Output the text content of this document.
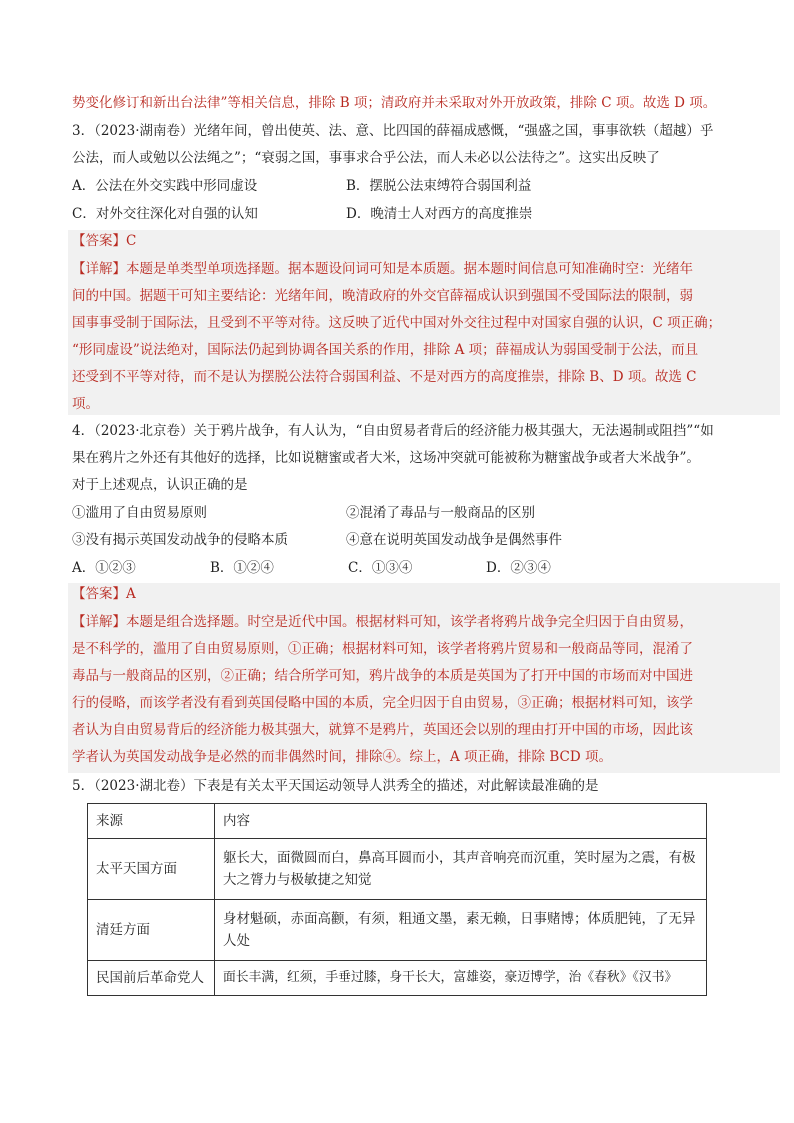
势变化修订和新出台法律”等相关信息，排除 B 项；清政府并未采取对外开放政策，排除 C 项。故选 D 项。
3．（2023·湖南卷）光绪年间，曾出使英、法、意、比四国的薛福成感慨，“强盛之国，事事欲轶（超越）乎
公法，而人或勉以公法绳之”；“衰弱之国，事事求合乎公法，而人未必以公法待之”。这实出反映了
A．公法在外交实践中形同虚设	B．摆脱公法束缚符合弱国利益
C．对外交往深化对自强的认知	D．晚清士人对西方的高度推崇
【答案】C
【详解】本题是单类型单项选择题。据本题设问词可知是本质题。据本题时间信息可知准确时空：光绪年
间的中国。据题干可知主要结论：光绪年间，晚清政府的外交官薛福成认识到强国不受国际法的限制，弱
国事事受制于国际法，且受到不平等对待。这反映了近代中国对外交往过程中对国家自强的认识，C 项正确；
“形同虚设”说法绝对，国际法仍起到协调各国关系的作用，排除 A 项；薛福成认为弱国受制于公法，而且
还受到不平等对待，而不是认为摆脱公法符合弱国利益、不是对西方的高度推崇，排除 B、D 项。故选 C
项。
4．（2023·北京卷）关于鸦片战争，有人认为，“自由贸易者背后的经济能力极其强大，无法遏制或阻挡”“如
果在鸦片之外还有其他好的选择，比如说糖蜜或者大米，这场冲突就可能被称为糖蜜战争或者大米战争”。
对于上述观点，认识正确的是
①滥用了自由贸易原则	②混淆了毒品与一般商品的区别
③没有揭示英国发动战争的侵略本质	④意在说明英国发动战争是偶然事件
A．①②③	B．①②④	C．①③④	D．②③④
【答案】A
【详解】本题是组合选择题。时空是近代中国。根据材料可知，该学者将鸦片战争完全归因于自由贸易，
是不科学的，滥用了自由贸易原则，①正确；根据材料可知，该学者将鸦片贸易和一般商品等同，混淆了
毒品与一般商品的区别，②正确；结合所学可知，鸦片战争的本质是英国为了打开中国的市场而对中国进
行的侵略，而该学者没有看到英国侵略中国的本质，完全归因于自由贸易，③正确；根据材料可知，该学
者认为自由贸易背后的经济能力极其强大，就算不是鸦片，英国还会以别的理由打开中国的市场，因此该
学者认为英国发动战争是必然的而非偶然时间，排除④。综上，A 项正确，排除 BCD 项。
5．（2023·湖北卷）下表是有关太平天国运动领导人洪秀全的描述，对此解读最准确的是
来源	内容
太平天国方面	躯长大，面微圆而白，鼻高耳圆而小，其声音响亮而沉重，笑时屋为之震，有极大之膂力与极敏捷之知觉
清廷方面	身材魁硕，赤面高颧，有须，粗通文墨，素无赖，日事赌博；体质肥钝，了无异人处
民国前后革命党人	面长丰满，红须，手垂过膝，身干长大，富雄姿，豪迈博学，治《春秋》《汉书》
